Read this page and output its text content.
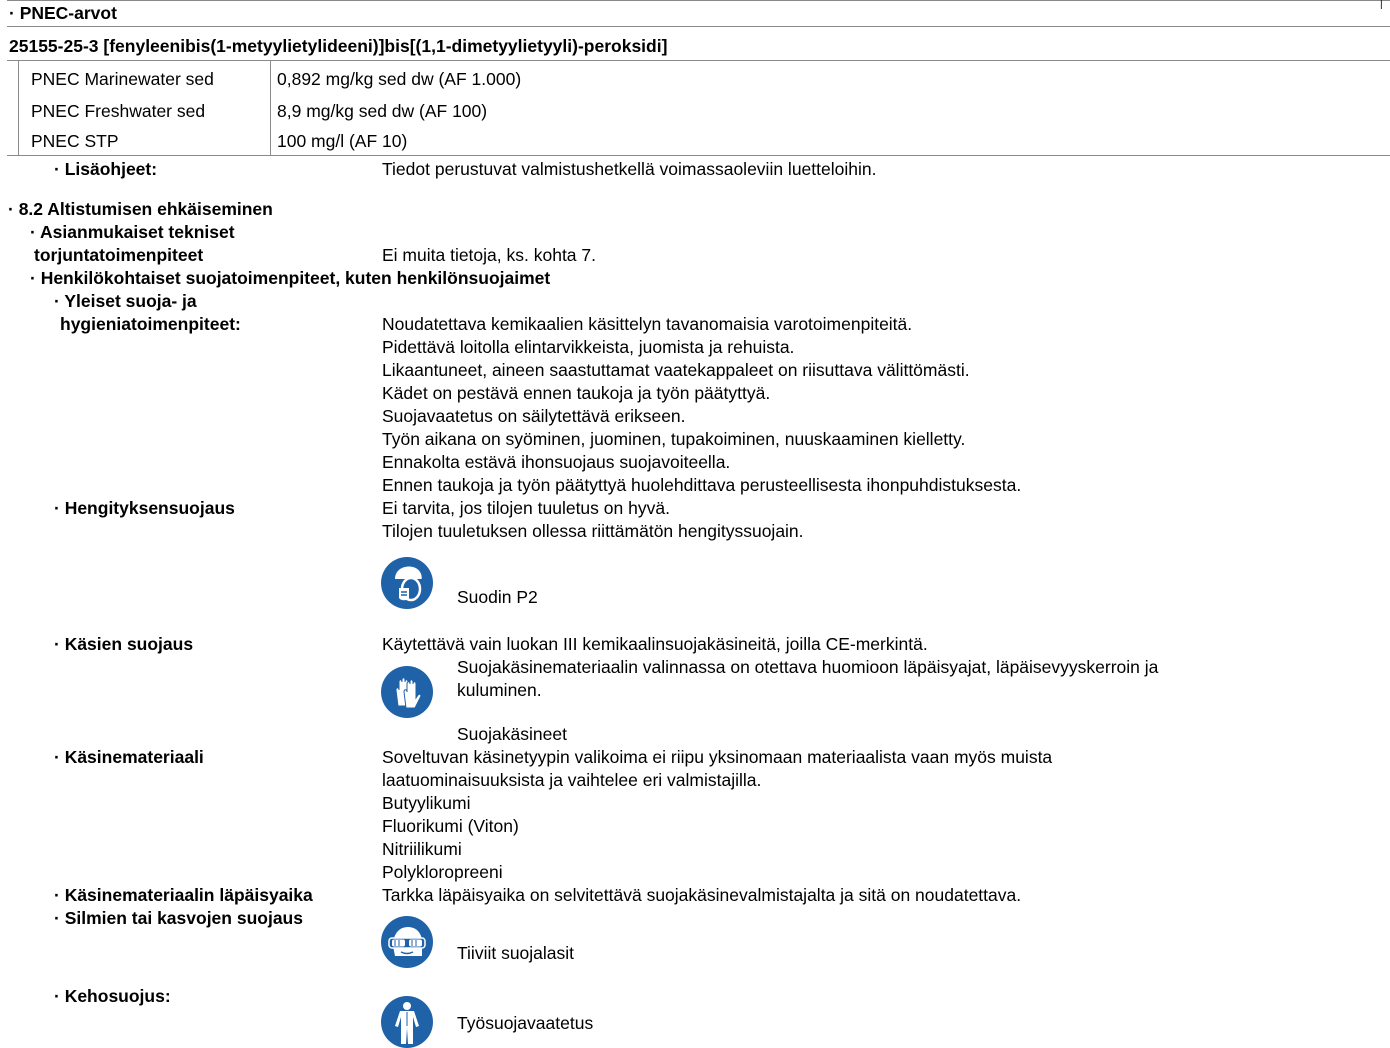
|
· PNEC-arvot
25155-25-3 [fenyleenibis(1-metyylietylideeni)]bis[(1,1-dimetyylietyyli)-peroksidi]
PNEC Marinewater sed	0,892 mg/kg sed dw (AF 1.000)
PNEC Freshwater sed	8,9 mg/kg sed dw (AF 100)
PNEC STP	100 mg/l (AF 10)
· Lisäohjeet:	Tiedot perustuvat valmistushetkellä voimassaoleviin luetteloihin.
· 8.2 Altistumisen ehkäiseminen
· Asianmukaiset tekniset
torjuntatoimenpiteet	Ei muita tietoja, ks. kohta 7.
· Henkilökohtaiset suojatoimenpiteet, kuten henkilönsuojaimet
· Yleiset suoja- ja
hygieniatoimenpiteet:	Noudatettava kemikaalien käsittelyn tavanomaisia varotoimenpiteitä.
Pidettävä loitolla elintarvikkeista, juomista ja rehuista.
Likaantuneet, aineen saastuttamat vaatekappaleet on riisuttava välittömästi.
Kädet on pestävä ennen taukoja ja työn päätyttyä.
Suojavaatetus on säilytettävä erikseen.
Työn aikana on syöminen, juominen, tupakoiminen, nuuskaaminen kielletty.
Ennakolta estävä ihonsuojaus suojavoiteella.
Ennen taukoja ja työn päätyttyä huolehdittava perusteellisesta ihonpuhdistuksesta.
· Hengityksensuojaus	Ei tarvita, jos tilojen tuuletus on hyvä.
Tilojen tuuletuksen ollessa riittämätön hengityssuojain.
Suodin P2
· Käsien suojaus	Käytettävä vain luokan III kemikaalinsuojakäsineitä, joilla CE-merkintä.
Suojakäsinemateriaalin valinnassa on otettava huomioon läpäisyajat, läpäisevyyskerroin ja
kuluminen.
Suojakäsineet
· Käsinemateriaali	Soveltuvan käsinetyypin valikoima ei riipu yksinomaan materiaalista vaan myös muista
laatuominaisuuksista ja vaihtelee eri valmistajilla.
Butyylikumi
Fluorikumi (Viton)
Nitriilikumi
Polykloropreeni
· Käsinemateriaalin läpäisyaika	Tarkka läpäisyaika on selvitettävä suojakäsinevalmistajalta ja sitä on noudatettava.
· Silmien tai kasvojen suojaus
Tiiviit suojalasit
· Kehosuojus:
Työsuojavaatetus
